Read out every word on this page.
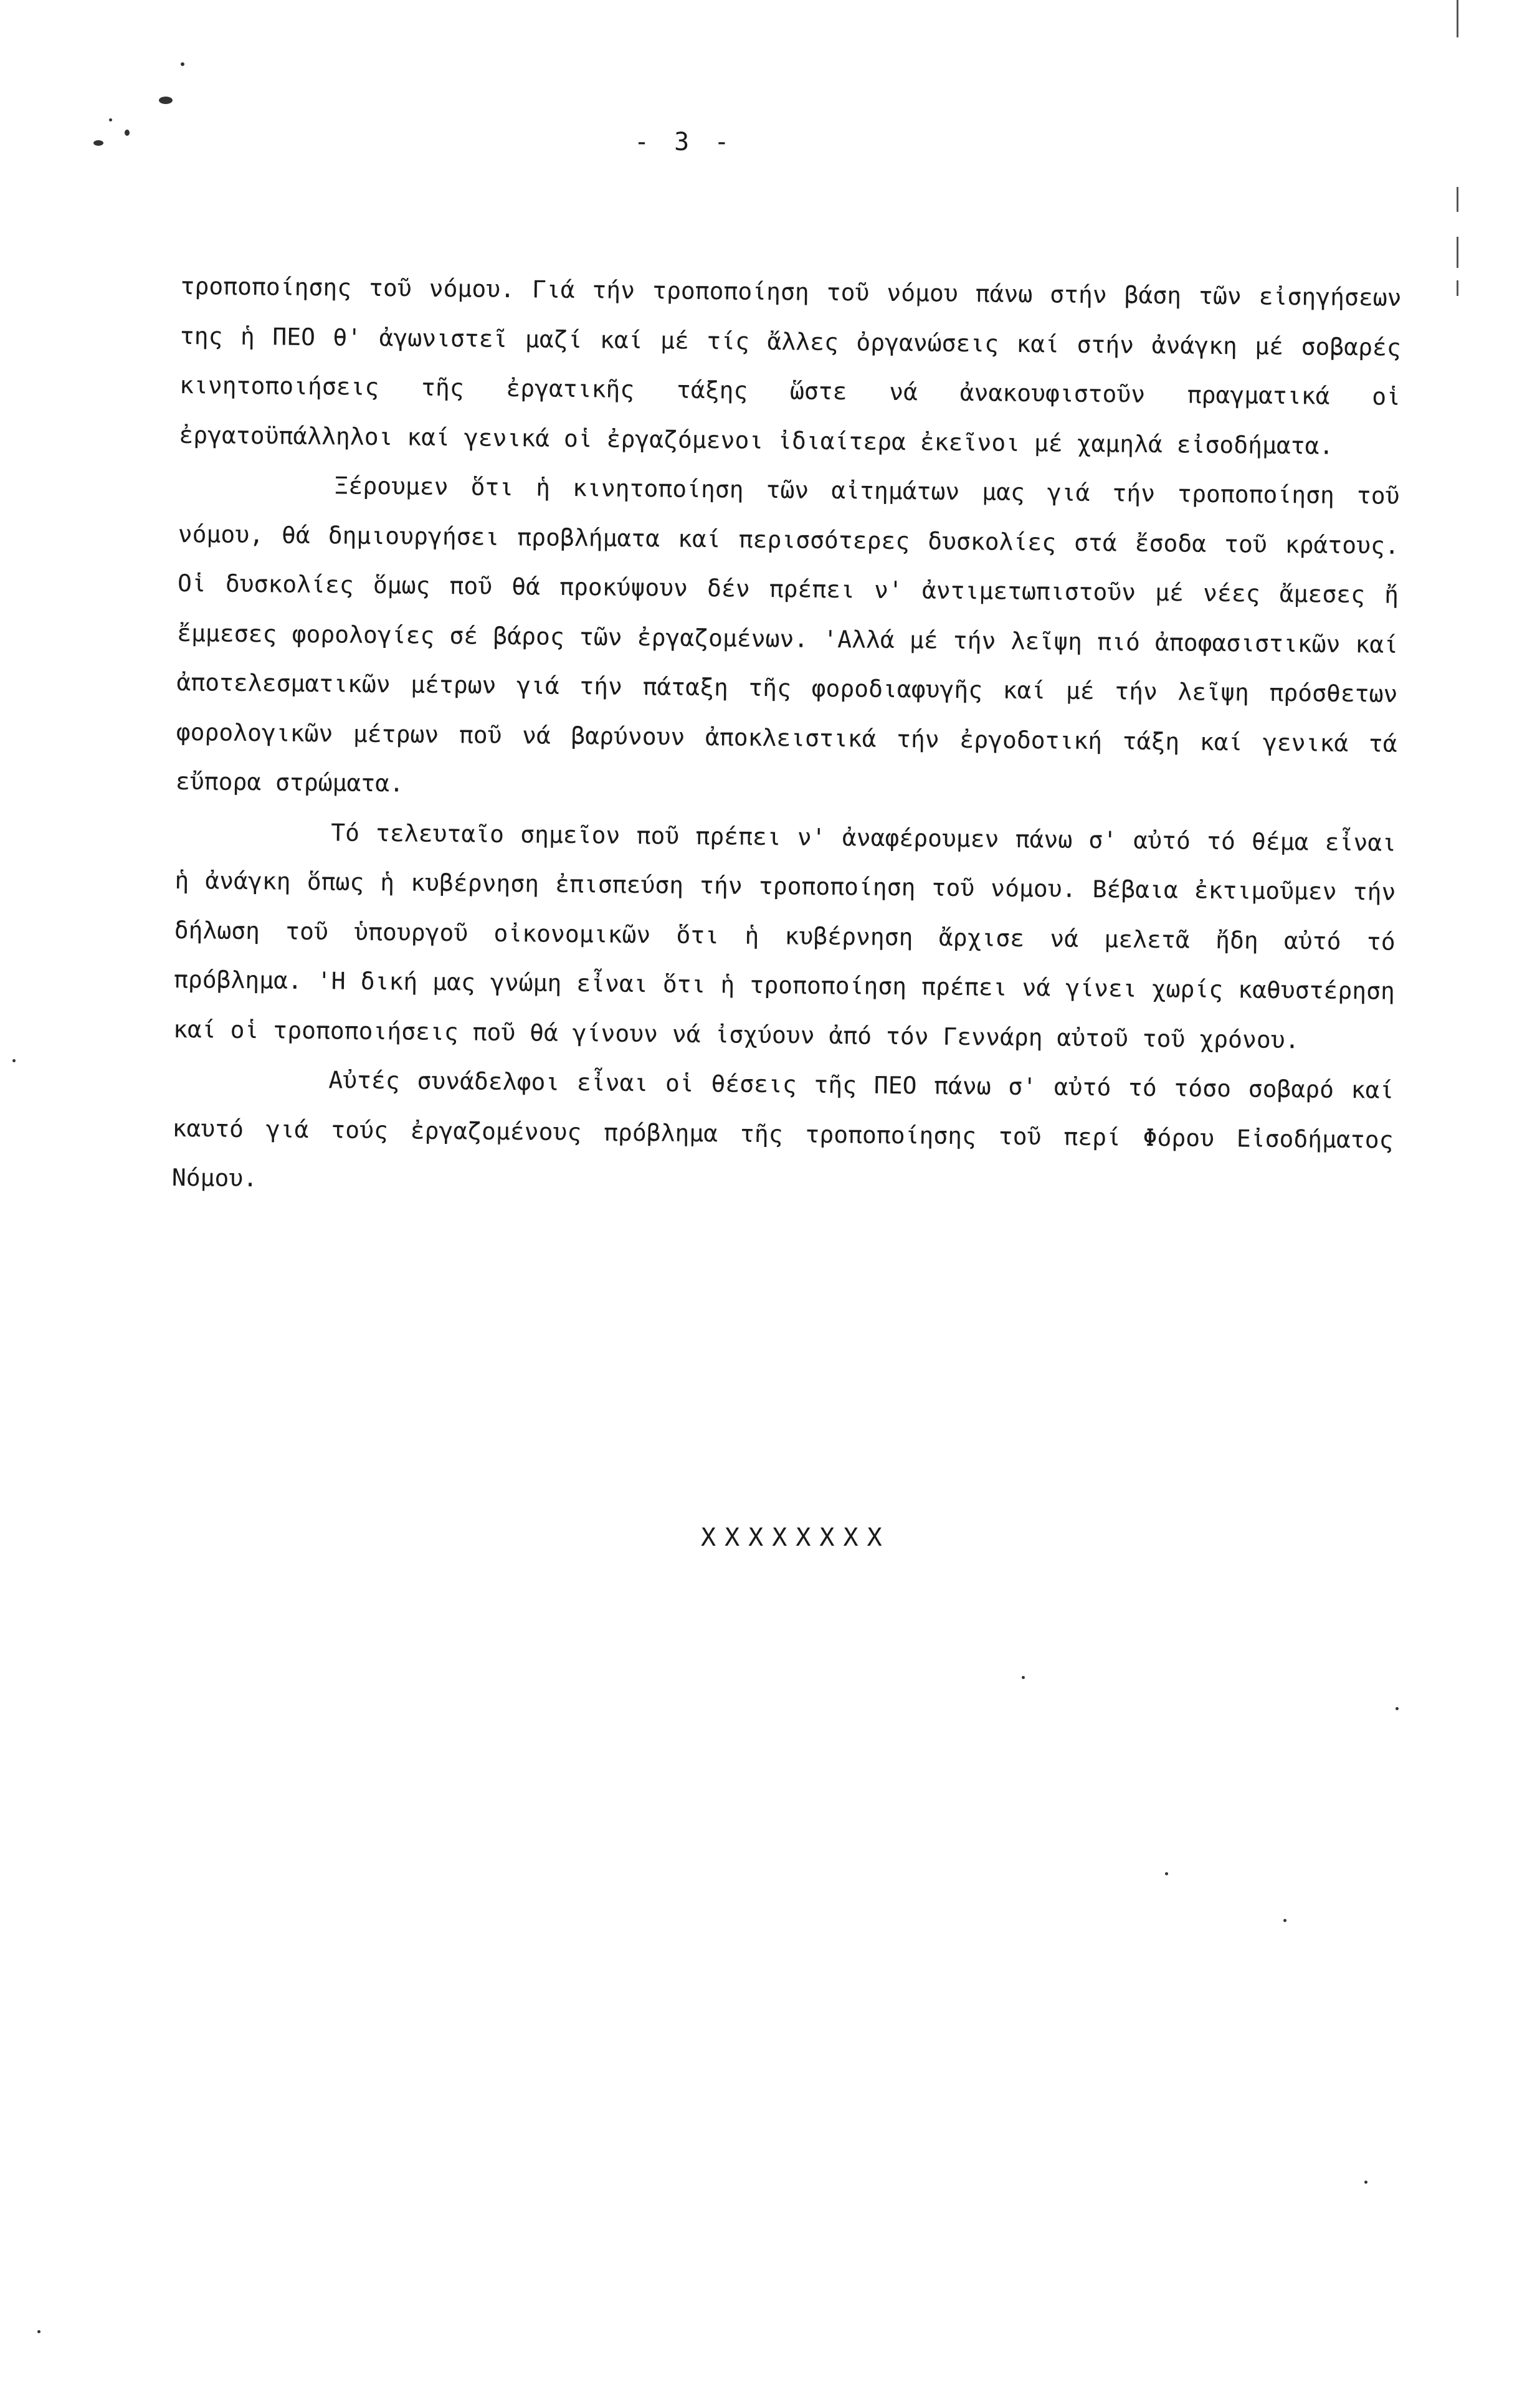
- 3 -

τροποποίησης τοῦ νόμου. Γιά τήν τροποποίηση τοῦ νόμου πάνω στήν βάση τῶν εἰσηγήσεων της ἡ ΠΕΟ θ' ἀγωνιστεῖ μαζί καί μέ τίς ἄλλες ὀργανώσεις καί στήν ἀνάγκη μέ σοβαρές κινητοποιήσεις τῆς ἐργατικῆς τάξης ὥστε νά ἀνακουφιστοῦν πραγματικά οἱ ἐργατοϋπάλληλοι καί γενικά οἱ ἐργαζόμενοι ἰδιαίτερα ἐκεῖνοι μέ χαμηλά εἰσοδήματα.

Ξέρουμεν ὅτι ἡ κινητοποίηση τῶν αἰτημάτων μας γιά τήν τροποποίηση τοῦ νόμου, θά δημιουργήσει προβλήματα καί περισσότερες δυσκολίες στά ἔσοδα τοῦ κράτους. Οἱ δυσκολίες ὅμως ποῦ θά προκύψουν δέν πρέπει ν' ἀντιμετωπιστοῦν μέ νέες ἄμεσες ἤ ἔμμεσες φορολογίες σέ βάρος τῶν ἐργαζομένων. 'Αλλά μέ τήν λεῖψη πιό ἀποφασιστικῶν καί ἀποτελεσματικῶν μέτρων γιά τήν πάταξη τῆς φοροδιαφυγῆς καί μέ τήν λεῖψη πρόσθετων φορολογικῶν μέτρων ποῦ νά βαρύνουν ἀποκλειστικά τήν ἐργοδοτική τάξη καί γενικά τά εὔπορα στρώματα.

Τό τελευταῖο σημεῖον ποῦ πρέπει ν' ἀναφέρουμεν πάνω σ' αὐτό τό θέμα εἶναι ἡ ἀνάγκη ὅπως ἡ κυβέρνηση ἐπισπεύση τήν τροποποίηση τοῦ νόμου. Βέβαια ἐκτιμοῦμεν τήν δήλωση τοῦ ὑπουργοῦ οἰκονομικῶν ὅτι ἡ κυβέρνηση ἄρχισε νά μελετᾶ ἤδη αὐτό τό πρόβλημα. 'Η δική μας γνώμη εἶναι ὅτι ἡ τροποποίηση πρέπει νά γίνει χωρίς καθυστέρηση καί οἱ τροποποιήσεις ποῦ θά γίνουν νά ἰσχύουν ἀπό τόν Γεννάρη αὐτοῦ τοῦ χρόνου.

Αὐτές συνάδελφοι εἶναι οἱ θέσεις τῆς ΠΕΟ πάνω σ' αὐτό τό τόσο σοβαρό καί καυτό γιά τούς ἐργαζομένους πρόβλημα τῆς τροποποίησης τοῦ περί Φόρου Εἰσοδήματος Νόμου.

XXXXXXXX
